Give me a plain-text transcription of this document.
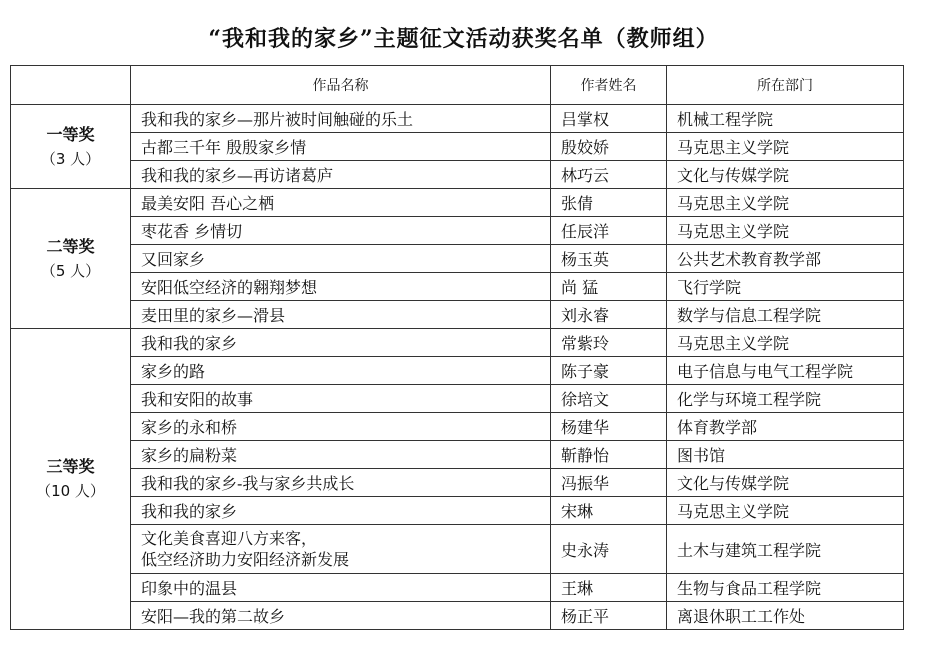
“我和我的家乡”主题征文活动获奖名单（教师组）
	作品名称	作者姓名	所在部门

一等奖
（3 人）	我和我的家乡—那片被时间触碰的乐土	吕掌权	机械工程学院
	古都三千年 殷殷家乡情	殷姣娇	马克思主义学院
	我和我的家乡—再访诸葛庐	林巧云	文化与传媒学院

二等奖
（5 人）	最美安阳 吾心之栖	张倩	马克思主义学院
	枣花香 乡情切	任辰洋	马克思主义学院
	又回家乡	杨玉英	公共艺术教育教学部
	安阳低空经济的翱翔梦想	尚 猛	飞行学院
	麦田里的家乡—滑县	刘永睿	数学与信息工程学院

三等奖
（10 人）	我和我的家乡	常紫玲	马克思主义学院
	家乡的路	陈子豪	电子信息与电气工程学院
	我和安阳的故事	徐培文	化学与环境工程学院
	家乡的永和桥	杨建华	体育教学部
	家乡的扁粉菜	靳静怡	图书馆
	我和我的家乡-我与家乡共成长	冯振华	文化与传媒学院
	我和我的家乡	宋琳	马克思主义学院

	文化美食喜迎八方来客，
低空经济助力安阳经济新发展	史永涛	土木与建筑工程学院
	印象中的温县	王琳	生物与食品工程学院
	安阳—我的第二故乡	杨正平	离退休职工工作处
